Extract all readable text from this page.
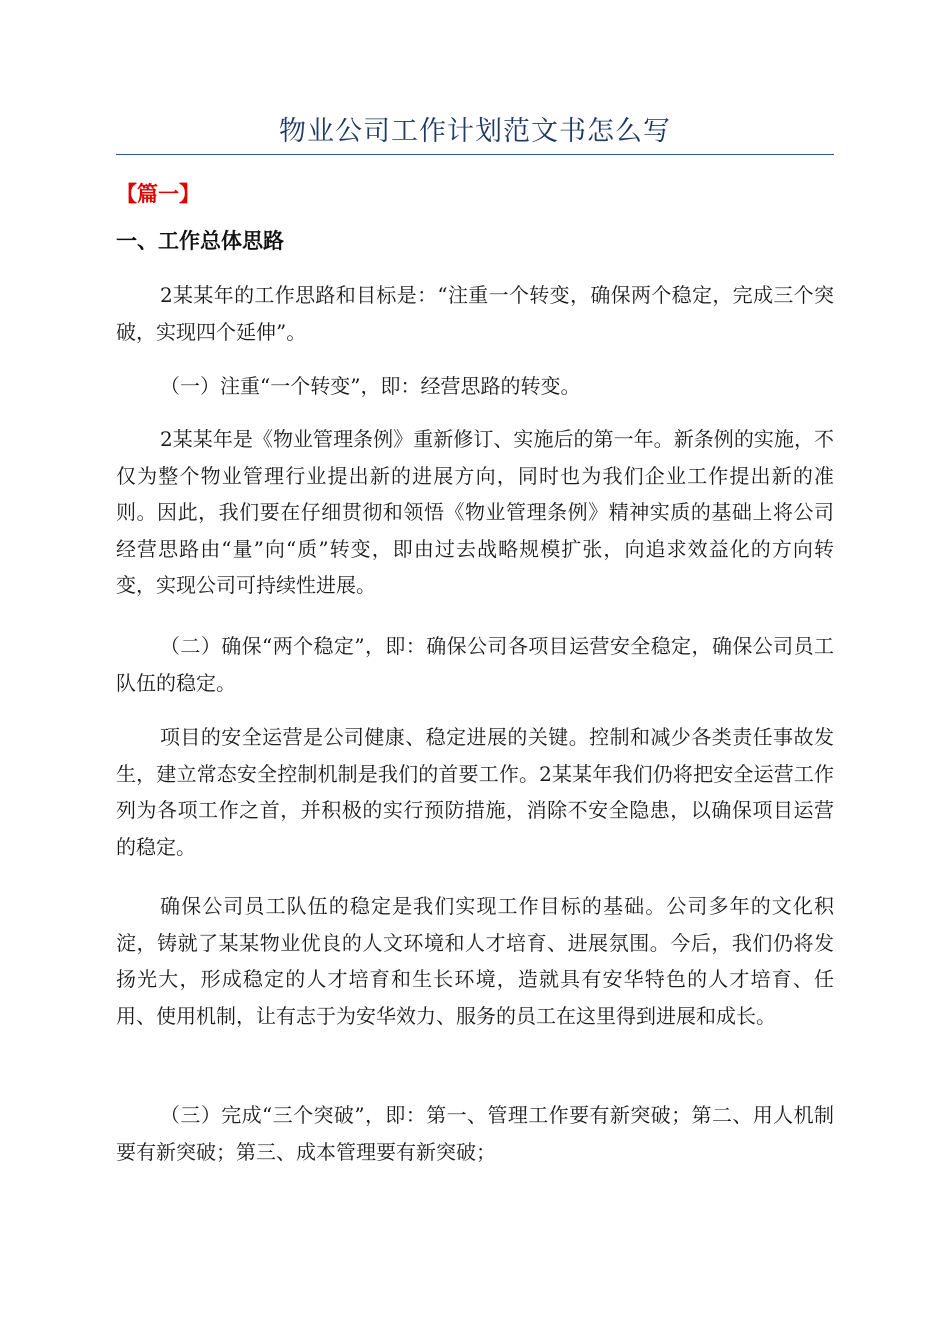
物业公司工作计划范文书怎么写
【篇一】
一、工作总体思路

2某某年的工作思路和目标是：“注重一个转变，确保两个稳定，完成三个突破，实现四个延伸”。

（一）注重“一个转变”，即：经营思路的转变。

2某某年是《物业管理条例》重新修订、实施后的第一年。新条例的实施，不仅为整个物业管理行业提出新的进展方向，同时也为我们企业工作提出新的准则。因此，我们要在仔细贯彻和领悟《物业管理条例》精神实质的基础上将公司经营思路由“量”向“质”转变，即由过去战略规模扩张，向追求效益化的方向转变，实现公司可持续性进展。

（二）确保“两个稳定”，即：确保公司各项目运营安全稳定，确保公司员工队伍的稳定。

项目的安全运营是公司健康、稳定进展的关键。控制和减少各类责任事故发生，建立常态安全控制机制是我们的首要工作。2某某年我们仍将把安全运营工作列为各项工作之首，并积极的实行预防措施，消除不安全隐患，以确保项目运营的稳定。

确保公司员工队伍的稳定是我们实现工作目标的基础。公司多年的文化积淀，铸就了某某物业优良的人文环境和人才培育、进展氛围。今后，我们仍将发扬光大，形成稳定的人才培育和生长环境，造就具有安华特色的人才培育、任用、使用机制，让有志于为安华效力、服务的员工在这里得到进展和成长。

（三）完成“三个突破”，即：第一、管理工作要有新突破；第二、用人机制要有新突破；第三、成本管理要有新突破；
